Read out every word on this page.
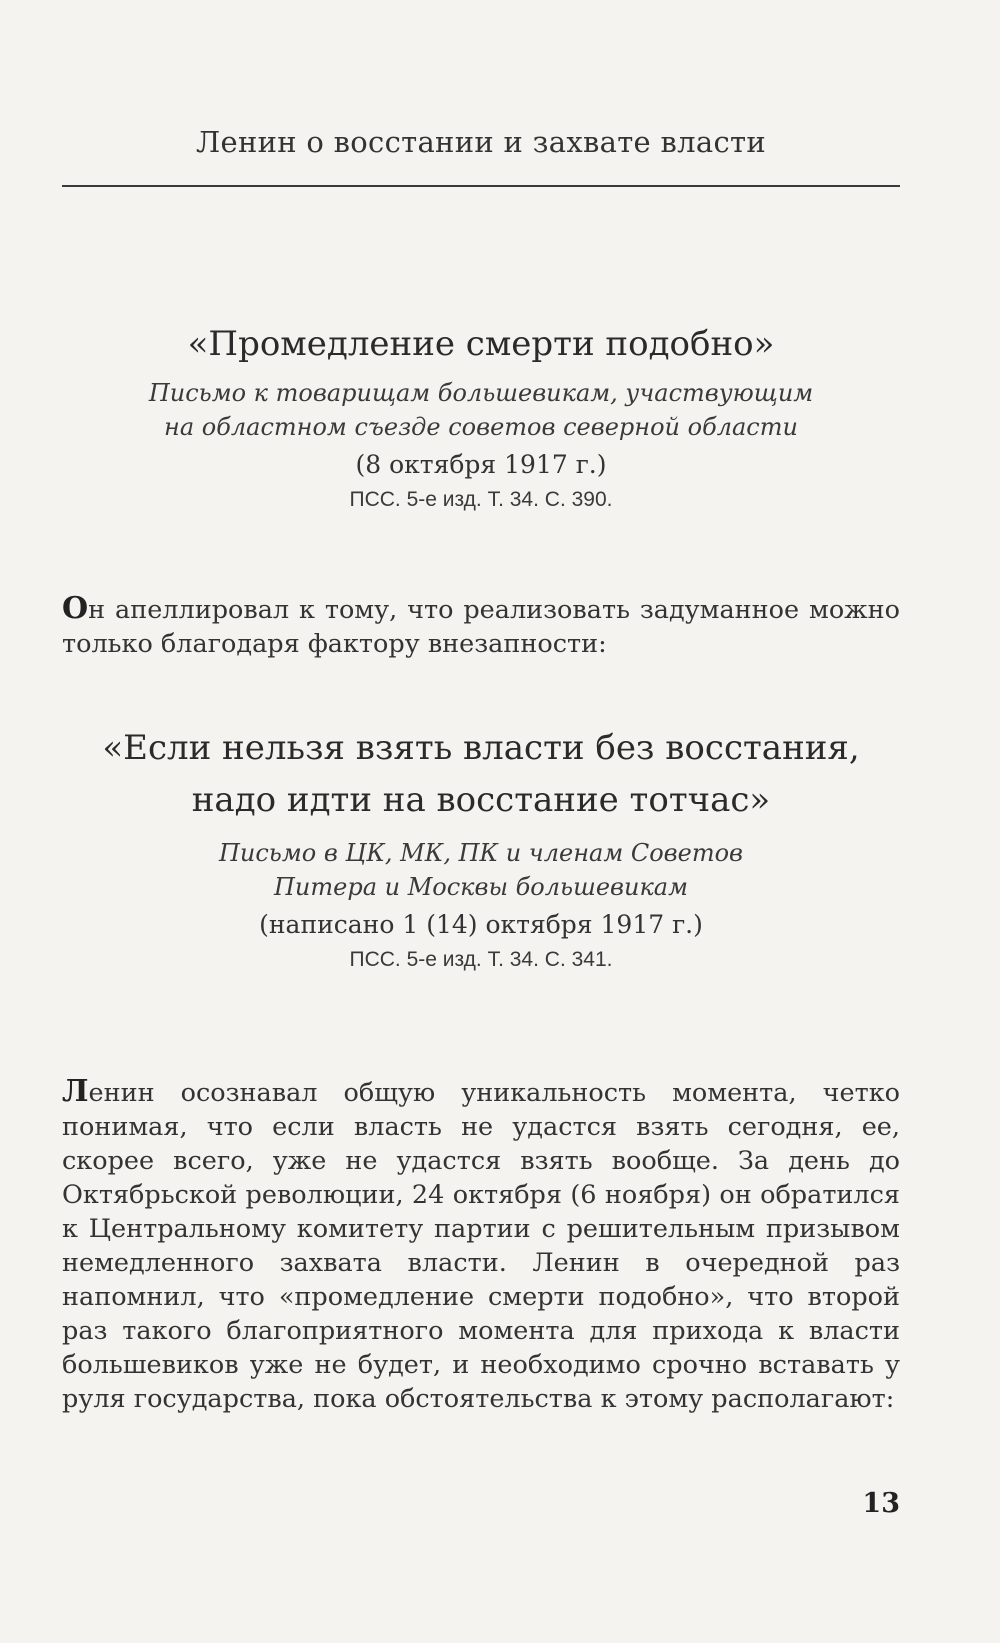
Ленин о восстании и захвате власти
«Промедление смерти подобно»

Письмо к товарищам большевикам, участвующим

на областном съезде советов северной области

(8 октября 1917 г.)

ПСС. 5-е изд. Т. 34. С. 390.

Он апеллировал к тому, что реализовать задуманное можно только благодаря фактору внезапности:
«Если нельзя взять власти без восстания,
надо идти на восстание тотчас»

Письмо в ЦК, МК, ПК и членам Советов

Питера и Москвы большевикам

(написано 1 (14) октября 1917 г.)

ПСС. 5-е изд. Т. 34. С. 341.

Ленин осознавал общую уникальность момента, четко понимая, что если власть не удастся взять сегодня, ее, скорее всего, уже не удастся взять вообще. За день до Октябрьской революции, 24 октября (6 ноября) он обратился к Центральному комитету партии с решительным призывом немедленного захвата власти. Ленин в очередной раз напомнил, что «промедление смерти подобно», что второй раз такого благоприятного момента для прихода к власти большевиков уже не будет, и необходимо срочно вставать у руля государства, пока обстоятельства к этому располагают:
13
